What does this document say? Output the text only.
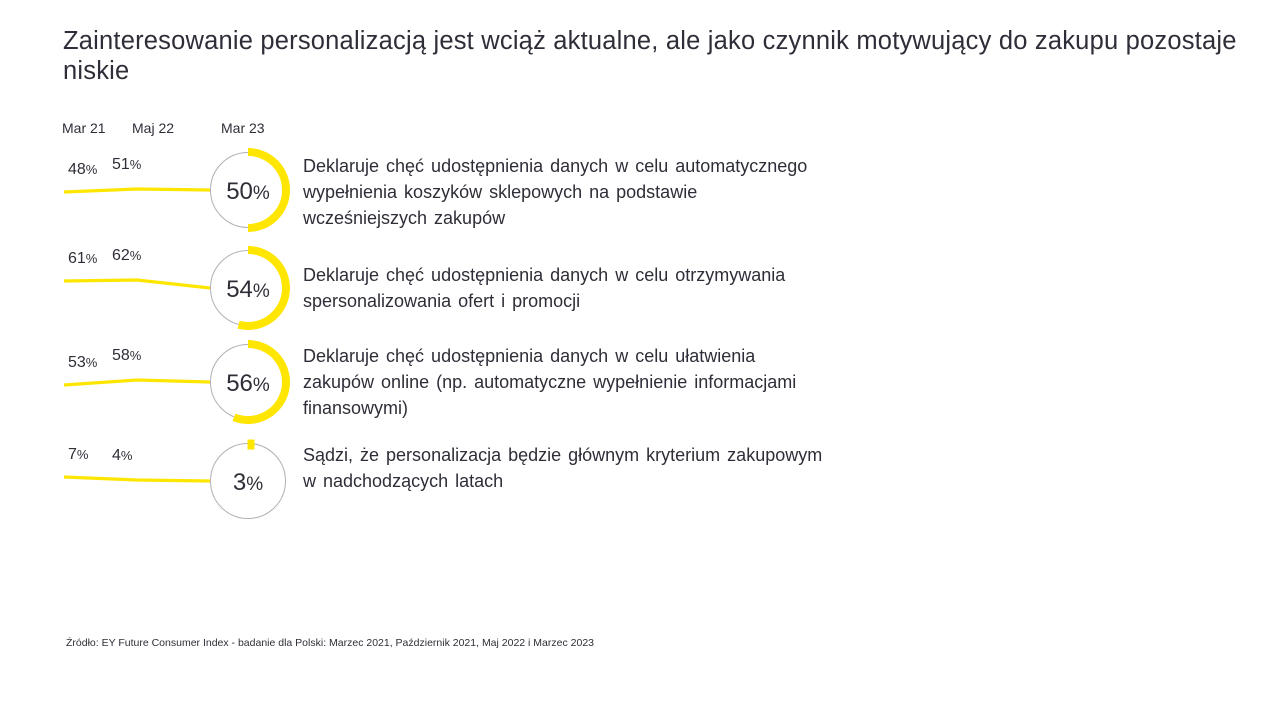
Zainteresowanie personalizacją jest wciąż aktualne, ale jako czynnik motywujący do zakupu pozostaje niskie
Mar 21 Maj 22	Mar 23
48% 51%
50%
61% 62%
54%
53% 58%
56%
7% 4%
3%
Deklaruje chęć udostępnienia danych w celu automatycznego wypełnienia koszyków sklepowych na podstawie wcześniejszych zakupów
Deklaruje chęć udostępnienia danych w celu otrzymywania spersonalizowania ofert i promocji
Deklaruje chęć udostępnienia danych w celu ułatwienia zakupów online (np. automatyczne wypełnienie informacjami finansowymi)
Sądzi, że personalizacja będzie głównym kryterium zakupowym w nadchodzących latach
Źródło: EY Future Consumer Index - badanie dla Polski: Marzec 2021, Październik 2021, Maj 2022 i Marzec 2023
